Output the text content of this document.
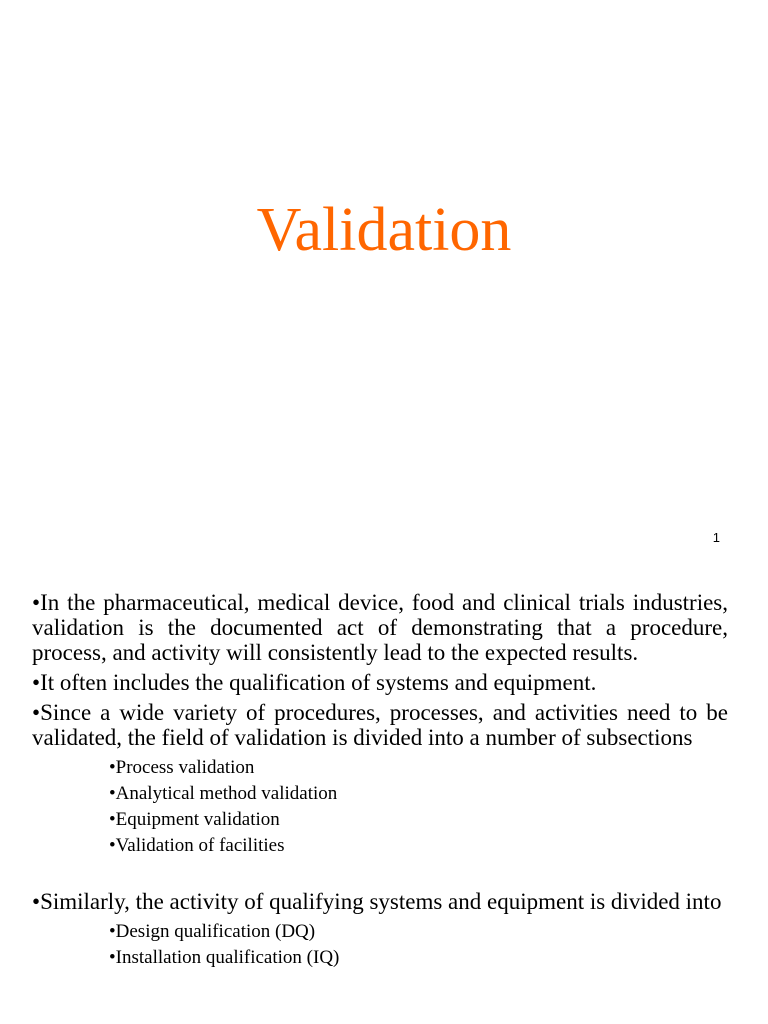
Validation
1

•In the pharmaceutical, medical device, food and clinical trials industries, validation is the documented act of demonstrating that a procedure, process, and activity will consistently lead to the expected results.

•It often includes the qualification of systems and equipment.

•Since a wide variety of procedures, processes, and activities need to be validated, the field of validation is divided into a number of subsections

•Process validation
•Analytical method validation
•Equipment validation
•Validation of facilities

•Similarly, the activity of qualifying systems and equipment is divided into

•Design qualification (DQ)
•Installation qualification (IQ)
